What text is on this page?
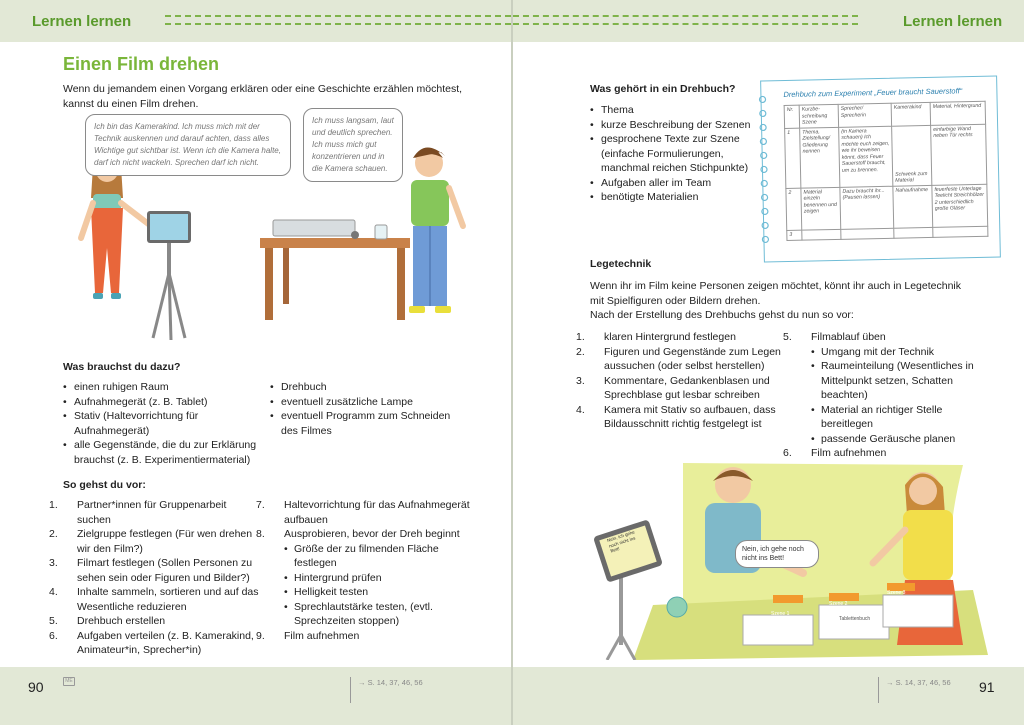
Lernen lernen
Einen Film drehen
Wenn du jemandem einen Vorgang erklären oder eine Geschichte erzählen möchtest,
kannst du einen Film drehen.
Ich bin das Kamerakind. Ich muss mich mit der Technik auskennen und darauf achten, dass alles Wichtige gut sichtbar ist. Wenn ich die Kamera halte, darf ich nicht wackeln. Sprechen darf ich nicht.
Ich muss langsam, laut und deutlich sprechen. Ich muss mich gut konzentrieren und in die Kamera schauen.
Was brauchst du dazu?
• einen ruhigen Raum
• Aufnahmegerät (z. B. Tablet)
• Stativ (Haltevorrichtung für Aufnahmegerät)
• alle Gegenstände, die du zur Erklärung brauchst (z. B. Experimentiermaterial)
• Drehbuch
• eventuell zusätzliche Lampe
• eventuell Programm zum Schneiden des Filmes
So gehst du vor:
1. Partner*innen für Gruppenarbeit suchen
2. Zielgruppe festlegen (Für wen drehen wir den Film?)
3. Filmart festlegen (Sollen Personen zu sehen sein oder Figuren und Bilder?)
4. Inhalte sammeln, sortieren und auf das Wesentliche reduzieren
5. Drehbuch erstellen
6. Aufgaben verteilen (z. B. Kamerakind, Animateur*in, Sprecher*in)
7. Haltevorrichtung für das Aufnahmegerät aufbauen
8. Ausprobieren, bevor der Dreh beginnt
• Größe der zu filmenden Fläche festlegen
• Hintergrund prüfen
• Helligkeit testen
• Sprechlautstärke testen, (evtl. Sprechzeiten stoppen)
9. Film aufnehmen
90	ME	→ S. 14, 37, 46, 56
Lernen lernen
Was gehört in ein Drehbuch?
• Thema
• kurze Beschreibung der Szenen
• gesprochene Texte zur Szene (einfache Formulierungen, manchmal reichen Stichpunkte)
• Aufgaben aller im Team
• benötigte Materialien
Legetechnik
Wenn ihr im Film keine Personen zeigen möchtet, könnt ihr auch in Legetechnik
mit Spielfiguren oder Bildern drehen.
Nach der Erstellung des Drehbuchs gehst du nun so vor:
1. klaren Hintergrund festlegen
2. Figuren und Gegenstände zum Legen aussuchen (oder selbst herstellen)
3. Kommentare, Gedankenblasen und Sprechblase gut lesbar schreiben
4. Kamera mit Stativ so aufbauen, dass Bildausschnitt richtig festgelegt ist
5. Filmablauf üben
• Umgang mit der Technik
• Raumeinteilung (Wesentliches in Mittelpunkt setzen, Schatten beachten)
• Material an richtiger Stelle bereitlegen
• passende Geräusche planen
6. Film aufnehmen
Nein, ich gehe noch nicht ins Bett!
Nein, ich gehe noch nicht ins Bett!
Szene 1
Szene 2
Szene 3
Tablettenbuch
91
→ S. 14, 37, 46, 56
Drehbuch zum Experiment „Feuer braucht Sauerstoff“
Nr.	Kurzbe-schreibung Szene	Sprecher/ Sprecherin	Kamerakind	Material, Hintergrund
1	Thema, Zielstellung/ Gliederung nennen	(in Kamera schauen) Ich möchte euch zeigen, wie ihr beweisen könnt, dass Feuer Sauerstoff braucht, um zu brennen.	Schwenk zum Material	einfarbige Wand neben Tür rechts
2	Material einzeln benennen und zeigen	Dazu braucht ihr... (Pausen lassen)	Nahaufnahme	feuerfeste Unterlage Teelicht Streichhölzer 2 unterschiedlich große Gläser
3				
